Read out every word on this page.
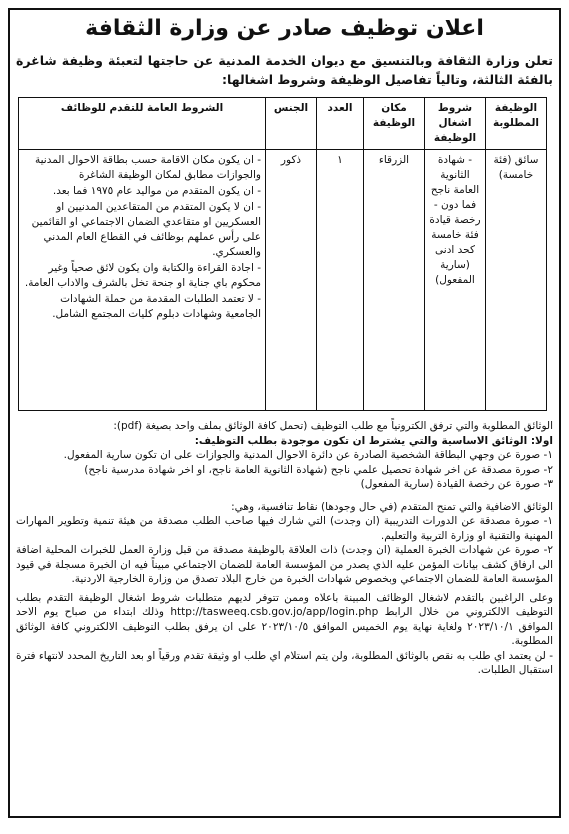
اعلان توظيف صادر عن وزارة الثقافة
تعلن وزارة الثقافة وبالتنسيق مع ديوان الخدمة المدنية عن حاجتها لتعبئة وظيفة شاغرة بالفئة الثالثة، وتالياً تفاصيل الوظيفة وشروط اشغالها:
الوظيفة المطلوبة	شروط اشغال الوظيفة	مكان الوظيفة	العدد	الجنس	الشروط العامة للتقدم للوظائف
سائق (فئة خامسة)	- شهادة الثانوية العامة ناجح فما دون - رخصة قيادة فئة خامسة كحد ادنى (سارية المفعول)	الزرقاء	١	ذكور	- ان يكون مكان الاقامة حسب بطاقة الاحوال المدنية والجوازات مطابق لمكان الوظيفة الشاغرة
- ان يكون المتقدم من مواليد عام ١٩٧٥ فما بعد.
- ان لا يكون المتقدم من المتقاعدين المدنيين او العسكريين او متقاعدي الضمان الاجتماعي او القائمين على رأس عملهم بوظائف في القطاع العام المدني والعسكري.
- اجادة القراءة والكتابة وان يكون لائق صحياً وغير محكوم باي جناية او جنحة تخل بالشرف والاداب العامة.
- لا تعتمد الطلبات المقدمة من حملة الشهادات الجامعية وشهادات دبلوم كليات المجتمع الشامل.

الوثائق المطلوبة والتي ترفق الكترونياً مع طلب التوظيف (تحمل كافة الوثائق بملف واحد بصيغة (pdf):

اولا: الوثائق الاساسية والتي يشترط ان تكون موجودة بطلب التوظيف:

١- صورة عن وجهي البطاقة الشخصية الصادرة عن دائرة الاحوال المدنية والجوازات على ان تكون سارية المفعول.

٢- صورة مصدقة عن اخر شهادة تحصيل علمي ناجح (شهادة الثانوية العامة ناجح، او اخر شهادة مدرسية ناجح)

٣- صورة عن رخصة القيادة (سارية المفعول)

الوثائق الاضافية والتي تمنح المتقدم (في حال وجودها) نقاط تنافسية، وهي:

١- صورة مصدقة عن الدورات التدريبية (ان وجدت) التي شارك فيها صاحب الطلب مصدقة من هيئة تنمية وتطوير المهارات المهنية والتقنية او وزارة التربية والتعليم.

٢- صورة عن شهادات الخبرة العملية (ان وجدت) ذات العلاقة بالوظيفة مصدقة من قبل وزارة العمل للخبرات المحلية اضافة الى ارفاق كشف بيانات المؤمن عليه الذي يصدر من المؤسسة العامة للضمان الاجتماعي مبيناً فيه ان الخبرة مسجلة في قيود المؤسسة العامة للضمان الاجتماعي وبخصوص شهادات الخبرة من خارج البلاد تصدق من وزارة الخارجية الاردنية.

وعلى الراغبين بالتقدم لاشغال الوظائف المبينة باعلاه وممن تتوفر لديهم متطلبات شروط اشغال الوظيفة التقدم بطلب التوظيف الالكتروني من خلال الرابط http://tasweeq.csb.gov.jo/app/login.php وذلك ابتداء من صباح يوم الاحد الموافق ٢٠٢٣/١٠/١ ولغاية نهاية يوم الخميس الموافق ٢٠٢٣/١٠/٥ على ان يرفق بطلب التوظيف الالكتروني كافة الوثائق المطلوبة.

- لن يعتمد اي طلب به نقص بالوثائق المطلوبة، ولن يتم استلام اي طلب او وثيقة تقدم ورقياً او بعد التاريخ المحدد لانتهاء فترة استقبال الطلبات.
